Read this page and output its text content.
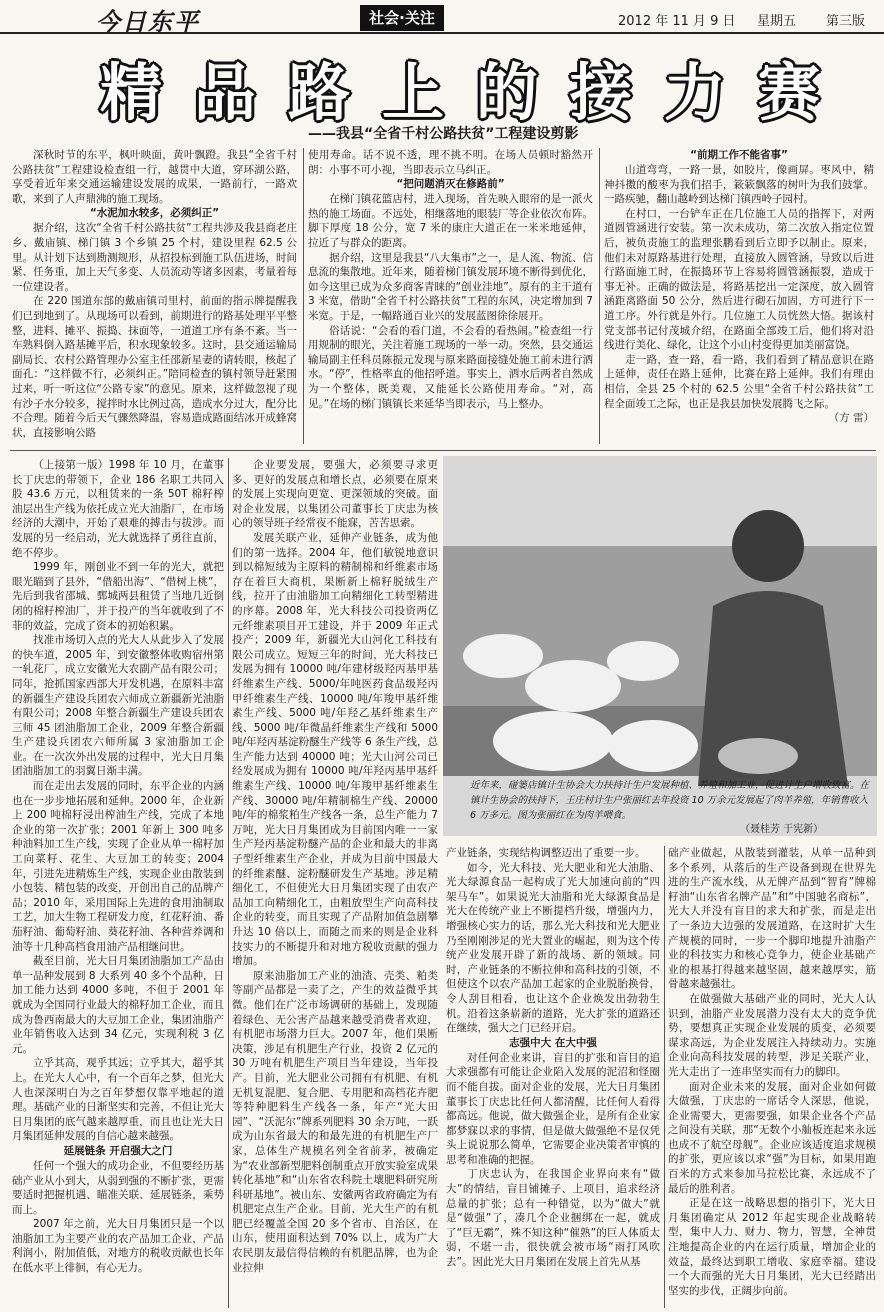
今日东平	社会·关注	2012 年 11 月 9 日 星期五 第三版
精 品 路 上 的 接 力 赛
——我县“全省千村公路扶贫”工程建设剪影

深秋时节的东平，枫叶映面，黄叶飘蹬。我县“全省千村公路扶贫”工程建设检查组一行，越贯中大道，穿环湖公路，享受着近年来交通运输建设发展的成果，一路前行，一路欢歌，来到了人声鼎沸的施工现场。

“水泥加水较多，必须纠正”

据介绍，这次“全省千村公路扶贫”工程共涉及我县商老庄乡、戴庙镇、梯门镇 3 个乡镇 25 个村，建设里程 62.5 公里。从计划下达到勘测规形，从招投标到施工队伍进场，时间紧、任务重，加上天气多变、人员流动等诸多因素，考量着每一位建设者。

在 220 国道东部的戴庙镇司里村，前面的指示牌提醒我们已到地到了。从现场可以看到，前期进行的路基处理平平整整，进料、摊平、振捣、抹面等，一道道工序有条不紊。当一车熟料倒入路基摊平后，积水现象较多。这时，县交通运输局副局长、农村公路管理办公室主任邵新星妻的请转眼，核起了面孔：“这样做不行，必须纠正。”陪同检查的镇村领导赶紧围过来，听一听这位“公路专家”的意见。原来，这样做忽视了现有沙子水分较多，搅拌时水比例过高，造成水分过大，配分比不合理。随着今后天气骤然降温，容易造成路面结冰开成蜂窝状，直接影响公路

使用寿命。话不说不透，理不挑不明。在场人员顿时豁然开朗：小事不可小视，当即表示立马纠正。

“把问题消灭在修路前”

在梯门镇花篮店村，进入现场，首先映入眼帘的是一派火热的施工场面。不远处，相继落地的眼装厂等企业依次布阵。脚下厚度 18 公分，宽 7 米的康庄大道正在一米米地延伸，拉近了与群众的距离。

据介绍，这里是我县“八大集市”之一，是人流、物流、信息流的集散地。近年来，随着梯门镇发展环境不断得到优化，如今这里已成为众多商客青睐的“创业洼地”。原有的主干道有 3 米宽，借助“全省千村公路扶贫”工程的东风，决定增加到 7 米宽。于是，一幅路通百业兴的发展蓝图徐徐展开。

俗话说：“会看的看门道，不会看的看热闹。”检查组一行用规制的眼光，关注着施工现场的一举一动。突然，县交通运输局副主任科员陈振元发现与原来路面接缝处施工前未进行洒水。“停”，性格率直的他招呼道。事实上，洒水后两者自然成为一个整体，既美观，又能延长公路使用寿命。“对，高见。”在场的梯门镇镇长来延华当即表示，马上整办。

“前期工作不能省事”

山道弯弯，一路一景，如胶片，像画屏。枣风中，精神抖擞的酸枣为我们招手，簌簌飘落的树叶为我们鼓掌。一路疾驰，翻山越岭到达梯门镇西岭子园村。

在村口，一台铲车正在几位施工人员的指挥下，对两道圆管涵进行安装。第一次未成功，第二次放入指定位置后，被负责施工的监理张鹏看到后立即予以制止。原来，他们未对原路基进行处理，直接放入圆管涵，导致以后进行路面施工时，在振捣环节上容易将圆管涵振裂，造成于事无补。正确的做法是，将路基挖出一定深度，放入圆管涵距离路面 50 公分，然后进行砌石加固，方可进行下一道工序。外行就是外行。几位施工人员恍然大悟。据该村党支部书记付茂城介绍，在路面全部竣工后，他们将对沿线进行美化、绿化，让这个小山村变得更加美丽富饶。

走一路，查一路，看一路，我们看到了精品意识在路上延伸，责任在路上延伸，比赛在路上延伸。我们有理由相信，全县 25 个村的 62.5 公里“全省千村公路扶贫”工程全面竣工之际，也正是我县加快发展腾飞之际。

（方 雷）

（上接第一版）1998 年 10 月，在董事长丁庆忠的带领下，企业 186 名职工共同入股 43.6 万元，以租赁来的一条 50T 棉籽榨油层出生产线为依托成立光大油脂厂，在市场经济的大潮中，开始了艰难的搏击与拔涉。而发展的另一经启动，光大就选择了勇往直前，绝不停步。

1999 年，刚创业不到一年的光大，就把眼光瞄到了县外，“借船出海”、“借树上桃”，先后到我省邵城、鄄城两县租赁了当地几近倒闭的棉籽榨油厂，并于投产的当年就收到了不菲的效益，完成了资本的初始积累。

找准市场切入点的光大人从此步入了发展的快车道，2005 年，到安徽整体收购宿州第一轧花厂，成立安徽光大农副产品有限公司；同年，抢抓国家西部大开发机遇，在原料丰富的新疆生产建设兵团农六师成立新疆新光油脂有限公司；2008 年整合新疆生产建设兵团农三师 45 团油脂加工企业，2009 年整合新疆生产建设兵团农六师所属 3 家油脂加工企业。在一次次外出发展的过程中，光大日月集团油脂加工的羽翼日渐丰满。

而在走出去发展的同时，东平企业的内涵也在一步步地拓展和延伸。2000 年，企业新上 200 吨棉籽浸出榨油生产线，完成了本地企业的第一次扩张；2001 年新上 300 吨多种油料加工生产线，实现了企业从单一棉籽加工向菜籽、花生、大豆加工的转变；2004 年，引进先进精炼生产线，实现企业由散装到小包装、精包装的改变，开创出自己的品牌产品；2010 年，采用国际上先进的食用油制取工艺，加大生物工程研发力度，红花籽油、番茄籽油、葡萄籽油、葵花籽油、各种营养调和油等十几种高档食用油产品相继问世。

截至目前，光大日月集团油脂加工产品由单一品种发展到 8 大系列 40 多个个品种，日加工能力达到 4000 多吨，不但于 2001 年就成为全国同行业最大的棉籽加工企业，而且成为鲁西南最大的大豆加工企业，集团油脂产业年销售收入达到 34 亿元，实现利税 3 亿元。

立乎其高，观乎其远；立乎其大，超乎其上。在光大人心中，有一个百年之梦，但光大人也深深明白为之百年梦想仅靠平地起的道理。基础产业的日渐坚实和完善，不但让光大日月集团的底气越来越厚重，而且也让光大日月集团延伸发展的自信心越来越强。

延展链条 开启强大之门

任何一个强大的成功企业，不但要经历基础产业从小到大，从弱到强的不断扩张，更需要适时把握机遇、瞄准关联、延展链条，乘势而上。

2007 年之前，光大日月集团只是一个以油脂加工为主要产业的农产品加工企业，产品利润小，附加值低，对地方的税收贡献也长年在低水平上徘徊，有心无力。

企业要发展，要强大，必须要寻求更多、更好的发展点和增长点，必须要在原来的发展上实现向更宽、更深领域的突破。面对企业发展，以集团公司董事长丁庆忠为核心的领导班子经常夜不能寐，苦苦思索。

发展关联产业，延伸产业链条，成为他们的第一选择。2004 年，他们敏锐地意识到以棉短绒为主原料的精制棉和纤维素市场存在着巨大商机，果断新上棉籽脱绒生产线，拉开了由油脂加工向精细化工转型精进的序幕。2008 年，光大科技公司投资两亿元纤维素项目开工建设，并于 2009 年正式投产；2009 年，新疆光大山河化工科技有限公司成立。短短三年的时间，光大科技已发展为拥有 10000 吨/年建材级羟丙基甲基纤维素生产线、5000/年吨医药食品级羟丙甲纤维素生产线、10000 吨/年羧甲基纤维素生产线、5000 吨/年羟乙基纤维素生产线、5000 吨/年微晶纤维素生产线和 5000 吨/年羟丙基淀粉醚生产线等 6 条生产线，总生产能力达到 40000 吨；光大山河公司已经发展成为拥有 10000 吨/年羟丙基甲基纤维素生产线、10000 吨/年羧甲基纤维素生产线、30000 吨/年精制棉生产线、20000 吨/年的棉浆粕生产线各一条，总生产能力 7 万吨，光大日月集团成为目前国内唯一一家生产羟丙基淀粉醚产品的企业和最大的非离子型纤维素生产企业，并成为目前中国最大的纤维素醚、淀粉醚研发生产基地。涉足精细化工，不但使光大日月集团实现了由农产品加工向精细化工，由粗放型生产向高科技企业的转变，而且实现了产品附加值急剧攀升达 10 倍以上，而随之而来的则是企业科技实力的不断提升和对地方税收贡献的强力增加。

原来油脂加工产业的油渣、壳类、粕类等副产品都是一卖了之，产生的效益微乎其微。他们在广泛市场调研的基础上，发现随着绿色、无公害产品越来越受消费者欢迎，有机肥市场潜力巨大。2007 年，他们果断决策，涉足有机肥生产行业，投资 2 亿元的 30 万吨有机肥生产项目当年建设，当年投产。目前，光大肥业公司拥有有机肥、有机无机复混肥、复合肥、专用肥和高档花卉肥等特种肥料生产线各一条，年产“光大田园”、“沃泥尔”牌系列肥料 30 余万吨，一跃成为山东省最大的和最先进的有机肥生产厂家，总体生产规模名列全省前茅，被确定为“农业部新型肥料创制重点开放实验室成果转化基地”和“山东省农科院土壤肥料研究所科研基地”。被山东、安徽两省政府确定为有机肥定点生产企业。目前，光大生产的有机肥已经覆盖全国 20 多个省市、自治区，在山东，使用面积达到 70% 以上，成为广大农民朋友最信得信赖的有机肥品牌，也为企业拉伸

近年来，碰篓店镇计生协会大力扶持计生户发展种植、养殖和加工业，促进计生户增收致富。在镇计生协会的扶持下，王庄村计生户张丽红去年投资 10 万余元发展起了肉羊养殖，年销售收入 6 万多元。图为张丽红在为肉羊喂食。
（聂桂芳 于宪新）

产业链条，实现结构调整迈出了重要一步。

如今，光大科技、光大肥业和光大油脂、光大绿源食品一起构成了光大加速向前的“四架马车”。如果说光大油脂和光大绿源食品是光大在传统产业上不断提档升级，增强内力，增强核心实力的话，那么光大科技和光大肥业乃至刚刚涉足的光大置业的崛起，则为这个传统产业发展开辟了新的战场、新的领域。同时，产业链条的不断拉伸和高科技的引领，不但使这个以农产品加工起家的企业脱胎换骨，令人刮目相看，也让这个企业焕发出勃勃生机。沿着这条崭新的道路，光大扩张的道路还在继续，强大之门已经开启。

志强中大 在大中强

对任何企业来讲，盲目的扩张和盲目的追大求强都有可能让企业陷入发展的泥沼和怪圈而不能自拔。面对企业的发展，光大日月集团董事长丁庆忠比任何人都清醒，比任何人看得都高远。他说，做大做强企业，是所有企业家都梦寐以求的事情，但是做大做强绝不是仅凭头上说说那么简单，它需要企业决策者审慎的思考和准确的把握。

丁庆忠认为，在我国企业界向来有“做大”的情结，盲目铺摊子、上项目，追求经济总量的扩张；总有一种错觉，以为“做大”就是“做强”了，凑几个企业捆绑在一起，就成了“巨无霸”，殊不知这种“催熟”的巨人体质太弱，不堪一击，很快就会被市场“雨打风吹去”。因此光大日月集团在发展上首先从基

础产业做起，从散装到灌装，从单一品种到多个系列，从落后的生产设备到现在世界先进的生产流水线，从无牌产品到“智育”牌棉籽油“山东省名牌产品”和“中国驰名商标”，光大人并没有盲目的求大和扩张，而是走出了一条边大边强的发展道路，在这时扩大生产规模的同时，一步一个脚印地提升油脂产业的科技实力和核心竞争力，使企业基础产业的根基打得越来越坚固，越来越厚实，筋骨越来越强壮。

在做强做大基础产业的同时，光大人认识到，油脂产业发展潜力没有太大的竞争优势，要想真正实现企业发展的质变，必须要谋求高远，为企业发展注入持续动力。实施企业向高科技发展的转型，涉足关联产业，光大走出了一连串坚实而有力的脚印。

面对企业未来的发展，面对企业如何做大做强，丁庆忠的一席话令人深思，他说，企业需要大，更需要强，如果企业各个产品之间没有关联，那“无数个小舢板连起来永远也成不了航空母舰”。企业应该适度追求规模的扩张，更应该以求“强”为目标，如果用跑百米的方式来参加马拉松比赛，永远成不了最后的胜利者。

正是在这一战略思想的指引下，光大日月集团确定从 2012 年起实现企业战略转型，集中人力、财力、物力，智慧，全神贯注地提高企业的内在运行质量，增加企业的效益，最终达到职工增收、家庭幸福。建设一个大而强的光大日月集团，光大已经踏出坚实的步伐，正阔步向前。
